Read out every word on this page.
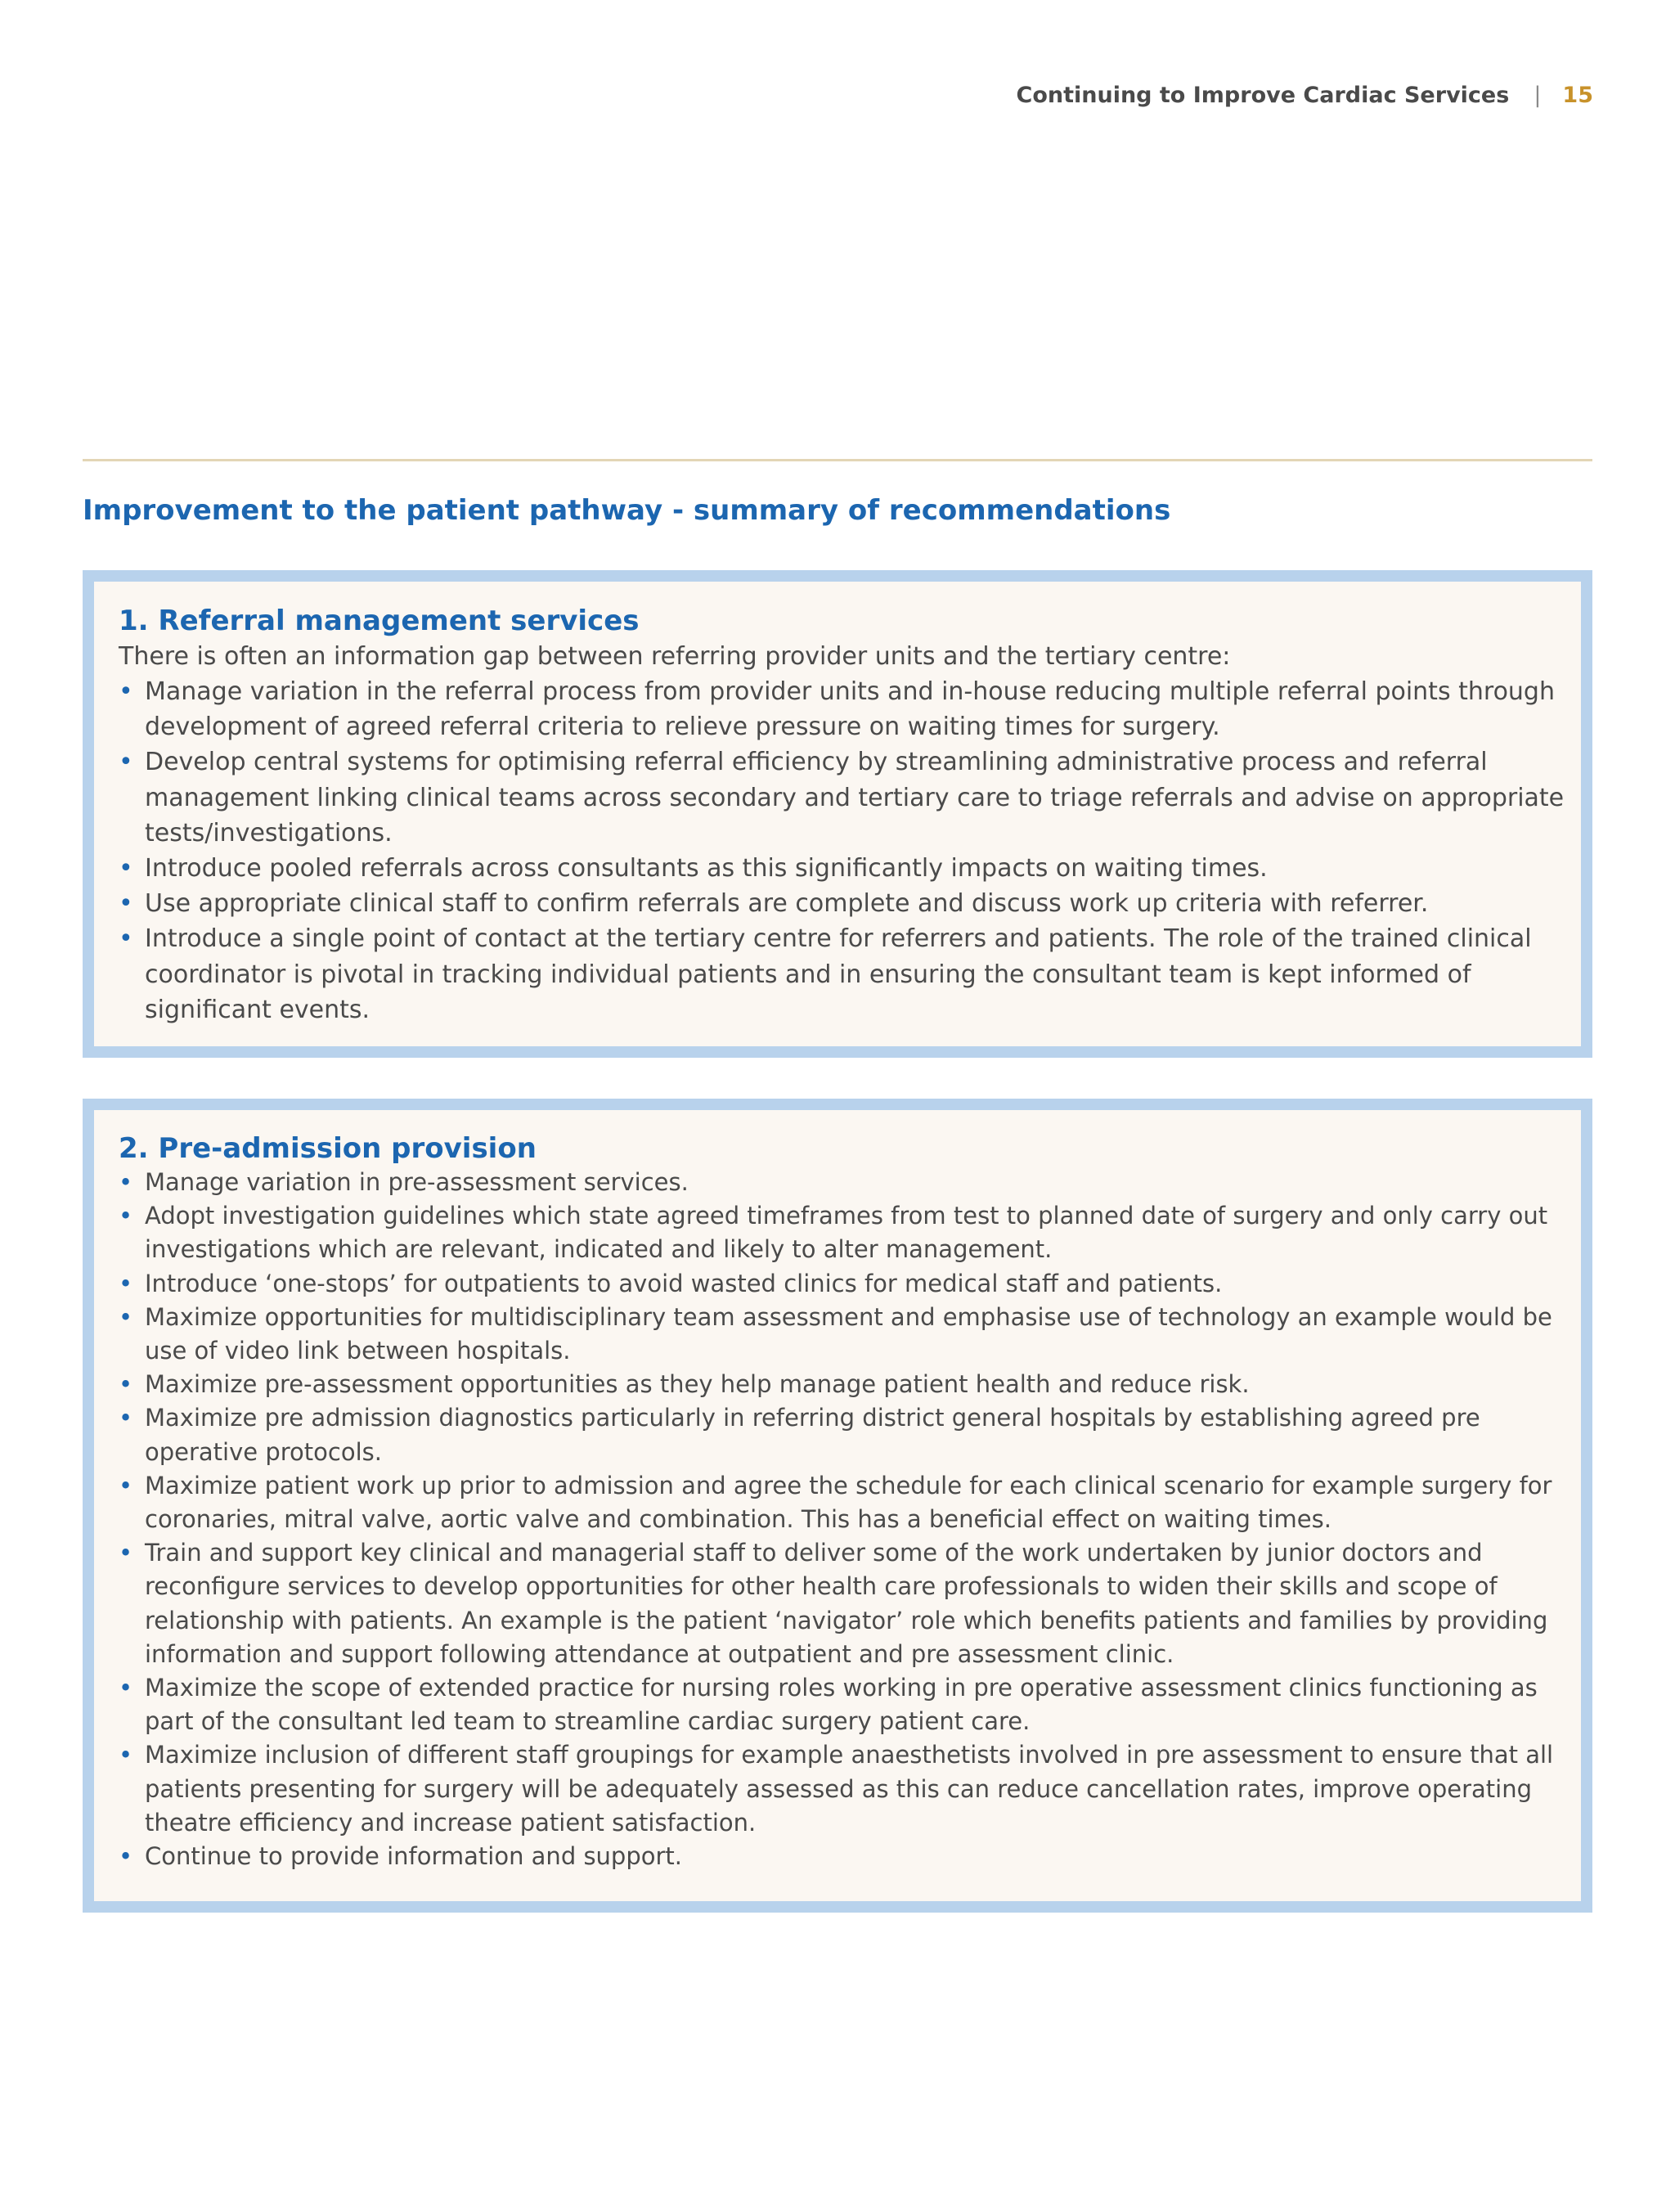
Continuing to Improve Cardiac Services | 15
Improvement to the patient pathway - summary of recommendations
1. Referral management services

There is often an information gap between referring provider units and the tertiary centre:

• Manage variation in the referral process from provider units and in-house reducing multiple referral points through development of agreed referral criteria to relieve pressure on waiting times for surgery.
• Develop central systems for optimising referral efficiency by streamlining administrative process and referral management linking clinical teams across secondary and tertiary care to triage referrals and advise on appropriate tests/investigations.
• Introduce pooled referrals across consultants as this significantly impacts on waiting times.
• Use appropriate clinical staff to confirm referrals are complete and discuss work up criteria with referrer.
• Introduce a single point of contact at the tertiary centre for referrers and patients. The role of the trained clinical coordinator is pivotal in tracking individual patients and in ensuring the consultant team is kept informed of significant events.
2. Pre-admission provision
• Manage variation in pre-assessment services.
• Adopt investigation guidelines which state agreed timeframes from test to planned date of surgery and only carry out investigations which are relevant, indicated and likely to alter management.
• Introduce ‘one-stops’ for outpatients to avoid wasted clinics for medical staff and patients.
• Maximize opportunities for multidisciplinary team assessment and emphasise use of technology an example would be use of video link between hospitals.
• Maximize pre-assessment opportunities as they help manage patient health and reduce risk.
• Maximize pre admission diagnostics particularly in referring district general hospitals by establishing agreed pre operative protocols.
• Maximize patient work up prior to admission and agree the schedule for each clinical scenario for example surgery for coronaries, mitral valve, aortic valve and combination. This has a beneficial effect on waiting times.
• Train and support key clinical and managerial staff to deliver some of the work undertaken by junior doctors and reconfigure services to develop opportunities for other health care professionals to widen their skills and scope of relationship with patients. An example is the patient ‘navigator’ role which benefits patients and families by providing information and support following attendance at outpatient and pre assessment clinic.
• Maximize the scope of extended practice for nursing roles working in pre operative assessment clinics functioning as part of the consultant led team to streamline cardiac surgery patient care.
• Maximize inclusion of different staff groupings for example anaesthetists involved in pre assessment to ensure that all patients presenting for surgery will be adequately assessed as this can reduce cancellation rates, improve operating theatre efficiency and increase patient satisfaction.
• Continue to provide information and support.
